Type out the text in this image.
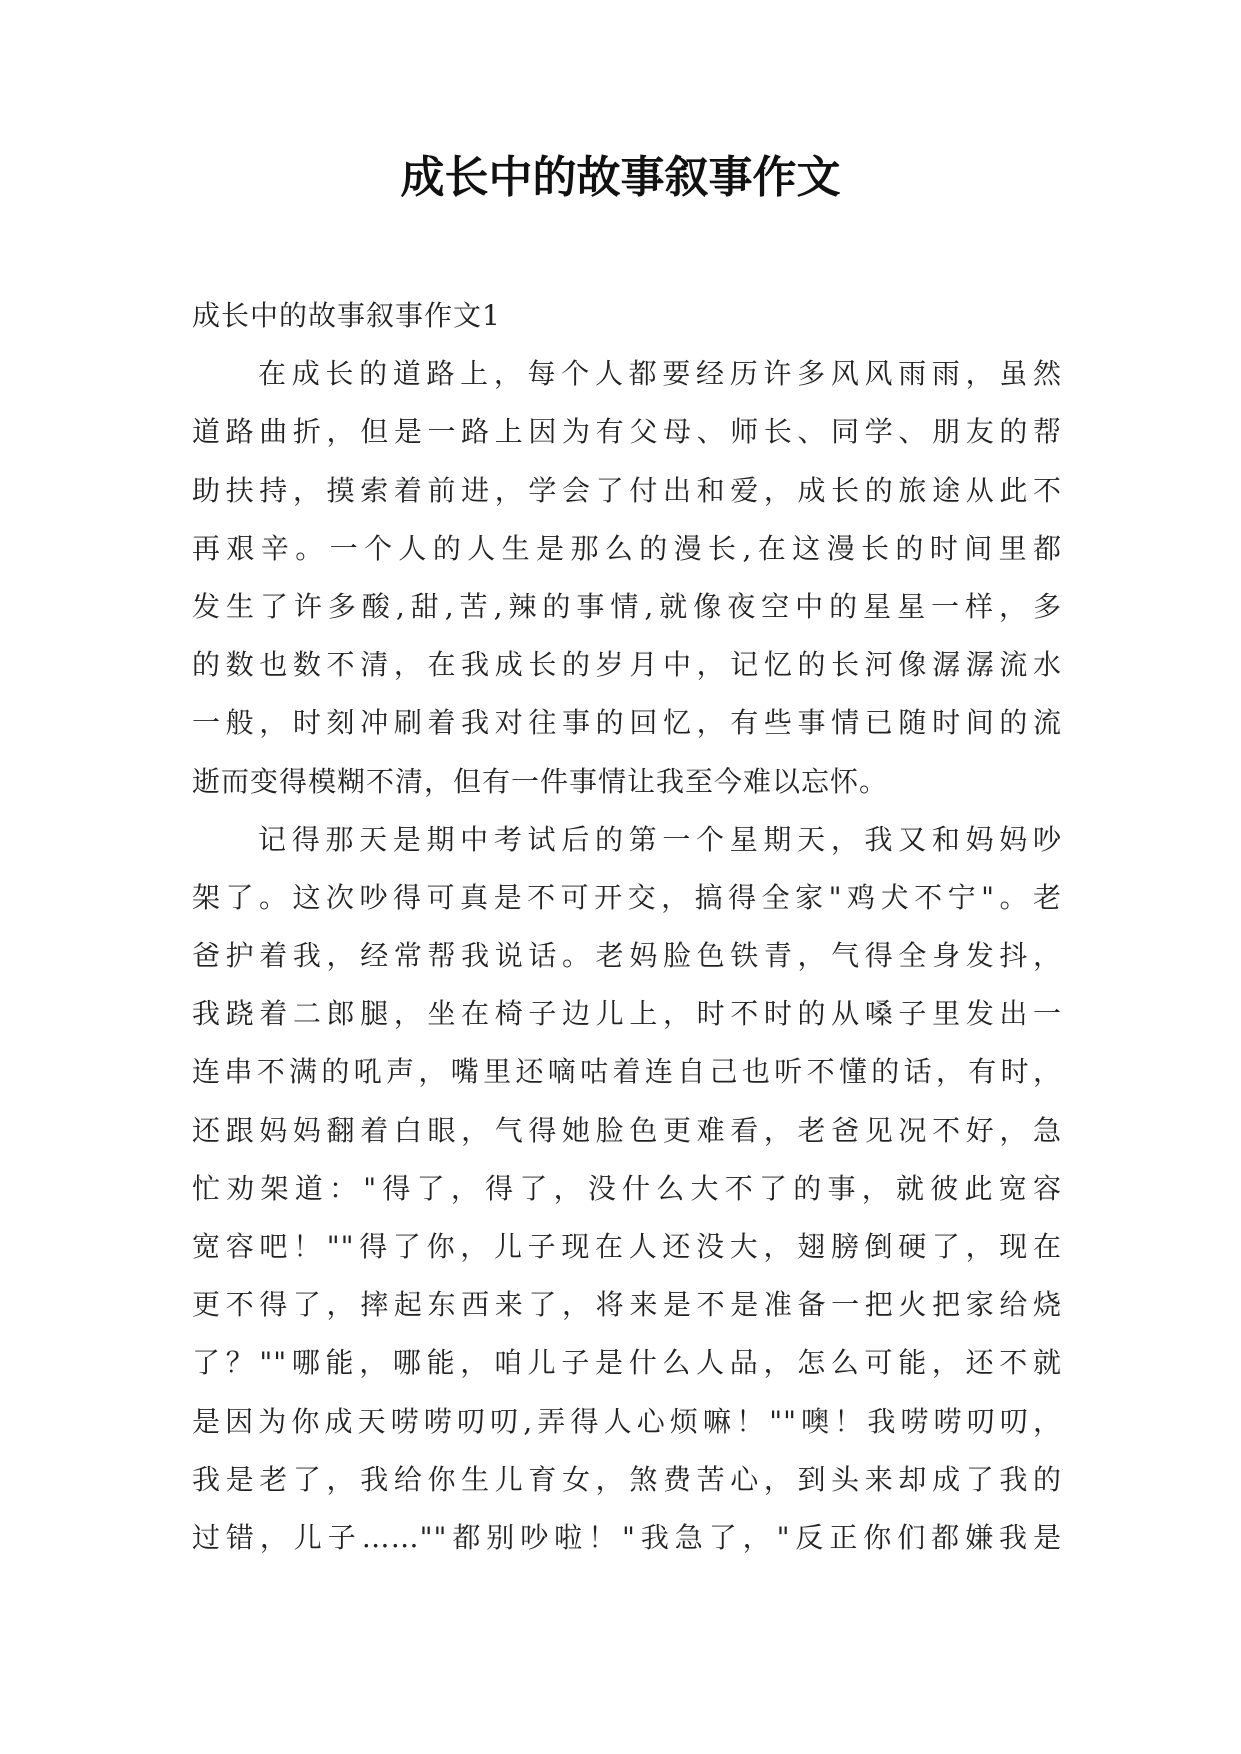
成长中的故事叙事作文
成长中的故事叙事作文1
在成长的道路上，每个人都要经历许多风风雨雨，虽然
道路曲折，但是一路上因为有父母、师长、同学、朋友的帮
助扶持，摸索着前进，学会了付出和爱，成长的旅途从此不
再艰辛。一个人的人生是那么的漫长,在这漫长的时间里都
发生了许多酸,甜,苦,辣的事情,就像夜空中的星星一样，多
的数也数不清，在我成长的岁月中，记忆的长河像潺潺流水
一般，时刻冲刷着我对往事的回忆，有些事情已随时间的流
逝而变得模糊不清，但有一件事情让我至今难以忘怀。
记得那天是期中考试后的第一个星期天，我又和妈妈吵
架了。这次吵得可真是不可开交，搞得全家"鸡犬不宁"。老
爸护着我，经常帮我说话。老妈脸色铁青，气得全身发抖，
我跷着二郎腿，坐在椅子边儿上，时不时的从嗓子里发出一
连串不满的吼声，嘴里还嘀咕着连自己也听不懂的话，有时，
还跟妈妈翻着白眼，气得她脸色更难看，老爸见况不好，急
忙劝架道："得了，得了，没什么大不了的事，就彼此宽容
宽容吧！""得了你，儿子现在人还没大，翅膀倒硬了，现在
更不得了，摔起东西来了，将来是不是准备一把火把家给烧
了？""哪能，哪能，咱儿子是什么人品，怎么可能，还不就
是因为你成天唠唠叨叨,弄得人心烦嘛！""噢！我唠唠叨叨，
我是老了，我给你生儿育女，煞费苦心，到头来却成了我的
过错，儿子……""都别吵啦！"我急了，"反正你们都嫌我是
